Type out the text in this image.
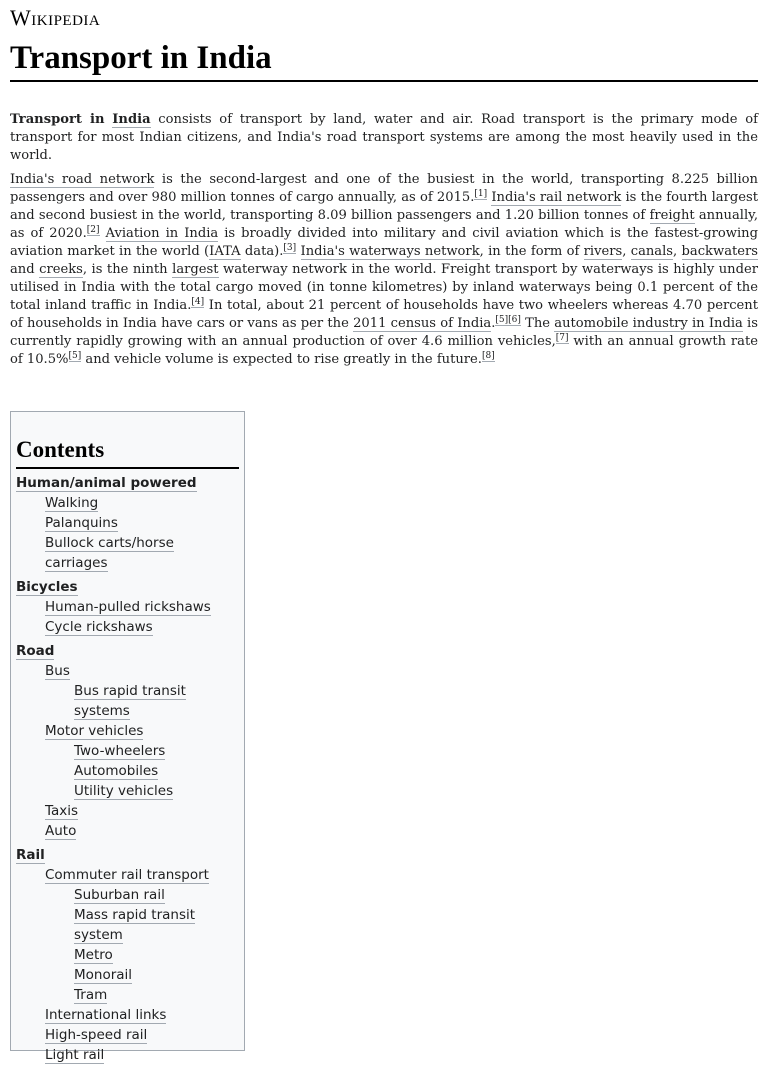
Wikipedia
Transport in India

Transport in India consists of transport by land, water and air. Road transport is the primary mode of transport for most Indian citizens, and India's road transport systems are among the most heavily used in the world.

India's road network is the second-largest and one of the busiest in the world, transporting 8.225 billion passengers and over 980 million tonnes of cargo annually, as of 2015.[1] India's rail network is the fourth largest and second busiest in the world, transporting 8.09 billion passengers and 1.20 billion tonnes of freight annually, as of 2020.[2] Aviation in India is broadly divided into military and civil aviation which is the fastest-growing aviation market in the world (IATA data).[3] India's waterways network, in the form of rivers, canals, backwaters and creeks, is the ninth largest waterway network in the world. Freight transport by waterways is highly under utilised in India with the total cargo moved (in tonne kilometres) by inland waterways being 0.1 percent of the total inland traffic in India.[4] In total, about 21 percent of households have two wheelers whereas 4.70 percent of households in India have cars or vans as per the 2011 census of India.[5][6] The automobile industry in India is currently rapidly growing with an annual production of over 4.6 million vehicles,[7] with an annual growth rate of 10.5%[5] and vehicle volume is expected to rise greatly in the future.[8]

Contents
Human/animal powered
Walking
Palanquins
Bullock carts/horse carriages
Bicycles
Human-pulled rickshaws
Cycle rickshaws
Road
Bus
Bus rapid transit systems
Motor vehicles
Two-wheelers
Automobiles
Utility vehicles
Taxis
Auto
Rail
Commuter rail transport
Suburban rail
Mass rapid transit system
Metro
Monorail
Tram
International links
High-speed rail
Light rail
